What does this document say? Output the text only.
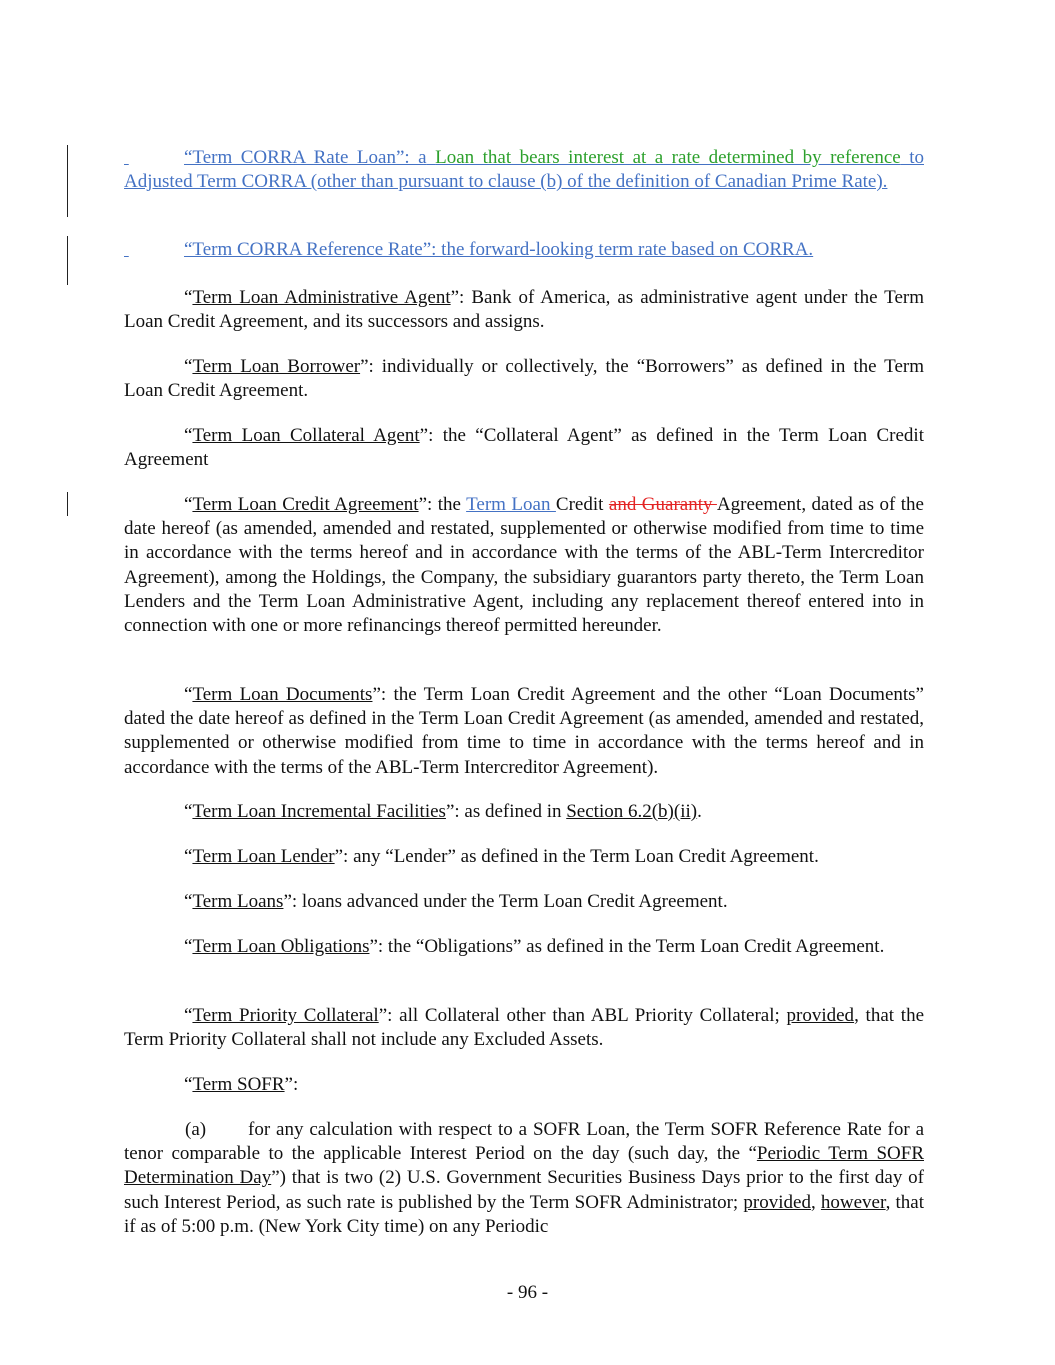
“Term CORRA Rate Loan”: a Loan that bears interest at a rate determined by reference to Adjusted Term CORRA (other than pursuant to clause (b) of the definition of Canadian Prime Rate).

“Term CORRA Reference Rate”: the forward-looking term rate based on CORRA.

“Term Loan Administrative Agent”: Bank of America, as administrative agent under the Term Loan Credit Agreement, and its successors and assigns.

“Term Loan Borrower”: individually or collectively, the “Borrowers” as defined in the Term Loan Credit Agreement.

“Term Loan Collateral Agent”: the “Collateral Agent” as defined in the Term Loan Credit Agreement

“Term Loan Credit Agreement”: the Term Loan Credit and Guaranty Agreement, dated as of the date hereof (as amended, amended and restated, supplemented or otherwise modified from time to time in accordance with the terms hereof and in accordance with the terms of the ABL-Term Intercreditor Agreement), among the Holdings, the Company, the subsidiary guarantors party thereto, the Term Loan Lenders and the Term Loan Administrative Agent, including any replacement thereof entered into in connection with one or more refinancings thereof permitted hereunder.

“Term Loan Documents”: the Term Loan Credit Agreement and the other “Loan Documents” dated the date hereof as defined in the Term Loan Credit Agreement (as amended, amended and restated, supplemented or otherwise modified from time to time in accordance with the terms hereof and in accordance with the terms of the ABL-Term Intercreditor Agreement).

“Term Loan Incremental Facilities”: as defined in Section 6.2(b)(ii).

“Term Loan Lender”: any “Lender” as defined in the Term Loan Credit Agreement.

“Term Loans”: loans advanced under the Term Loan Credit Agreement.

“Term Loan Obligations”: the “Obligations” as defined in the Term Loan Credit Agreement.

“Term Priority Collateral”: all Collateral other than ABL Priority Collateral; provided, that the Term Priority Collateral shall not include any Excluded Assets.

“Term SOFR”:

(a) for any calculation with respect to a SOFR Loan, the Term SOFR Reference Rate for a tenor comparable to the applicable Interest Period on the day (such day, the “Periodic Term SOFR Determination Day”) that is two (2) U.S. Government Securities Business Days prior to the first day of such Interest Period, as such rate is published by the Term SOFR Administrator; provided, however, that if as of 5:00 p.m. (New York City time) on any Periodic

- 96 -
